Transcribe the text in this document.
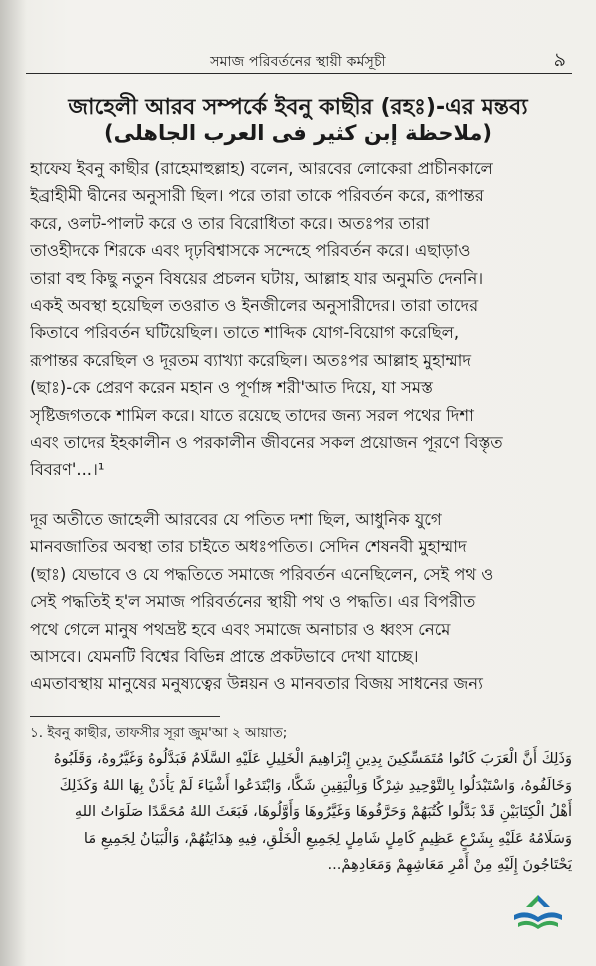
সমাজ পরিবর্তনের স্থায়ী কর্মসূচী	৯
জাহেলী আরব সম্পর্কে ইবনু কাছীর (রহঃ)-এর মন্তব্য
(ملاحظة إبن كثير فى العرب الجاهلى)
হাফেয ইবনু কাছীর (রাহেমাহুল্লাহ) বলেন, আরবের লোকেরা প্রাচীনকালে
ইব্রাহীমী দ্বীনের অনুসারী ছিল। পরে তারা তাকে পরিবর্তন করে, রূপান্তর
করে, ওলট-পালট করে ও তার বিরোধিতা করে। অতঃপর তারা
তাওহীদকে শিরকে এবং দৃঢ়বিশ্বাসকে সন্দেহে পরিবর্তন করে। এছাড়াও
তারা বহু কিছু নতুন বিষয়ের প্রচলন ঘটায়, আল্লাহ যার অনুমতি দেননি।
একই অবস্থা হয়েছিল তওরাত ও ইনজীলের অনুসারীদের। তারা তাদের
কিতাবে পরিবর্তন ঘটিয়েছিল। তাতে শাব্দিক যোগ-বিয়োগ করেছিল,
রূপান্তর করেছিল ও দূরতম ব্যাখ্যা করেছিল। অতঃপর আল্লাহ মুহাম্মাদ
(ছাঃ)-কে প্রেরণ করেন মহান ও পূর্ণাঙ্গ শরী'আত দিয়ে, যা সমস্ত
সৃষ্টিজগতকে শামিল করে। যাতে রয়েছে তাদের জন্য সরল পথের দিশা
এবং তাদের ইহকালীন ও পরকালীন জীবনের সকল প্রয়োজন পূরণে বিস্তৃত
বিবরণ'...।¹
দূর অতীতে জাহেলী আরবের যে পতিত দশা ছিল, আধুনিক যুগে
মানবজাতির অবস্থা তার চাইতে অধঃপতিত। সেদিন শেষনবী মুহাম্মাদ
(ছাঃ) যেভাবে ও যে পদ্ধতিতে সমাজে পরিবর্তন এনেছিলেন, সেই পথ ও
সেই পদ্ধতিই হ'ল সমাজ পরিবর্তনের স্থায়ী পথ ও পদ্ধতি। এর বিপরীত
পথে গেলে মানুষ পথভ্রষ্ট হবে এবং সমাজে অনাচার ও ধ্বংস নেমে
আসবে। যেমনটি বিশ্বের বিভিন্ন প্রান্তে প্রকটভাবে দেখা যাচ্ছে।
এমতাবস্থায় মানুষের মনুষ্যত্বের উন্নয়ন ও মানবতার বিজয় সাধনের জন্য
১. ইবনু কাছীর, তাফসীর সূরা জুম'আ ২ আয়াত;
وَذَلِكَ أَنَّ الْعَرَبَ كَانُوا مُتَمَسِّكِينَ بِدِينِ إِبْرَاهِيمَ الْخَلِيلِ عَلَيْهِ السَّلَامُ فَبَدَّلُوهُ وَغَيَّرُوهُ، وَقَلَبُوهُ
وَخَالَفُوهُ، وَاسْتَبْدَلُوا بِالتَّوْحِيدِ شِرْكًا وَبِالْيَقِينِ شَكًّا، وَابْتَدَعُوا أَشْيَاءَ لَمْ يَأْذَنْ بِهَا اللهُ وَكَذَلِكَ
أَهْلُ الْكِتَابَيْنِ قَدْ بَدَّلُوا كُتُبَهُمْ وَحَرَّفُوهَا وَغَيَّرُوهَا وَأَوَّلُوهَا، فَبَعَثَ اللهُ مُحَمَّدًا صَلَوَاتُ اللهِ
وَسَلَامُهُ عَلَيْهِ بِشَرْعٍ عَظِيمٍ كَامِلٍ شَامِلٍ لِجَمِيعِ الْخَلْقِ، فِيهِ هِدَايَتُهُمْ، وَالْبَيَانُ لِجَمِيعِ مَا
يَحْتَاجُونَ إِلَيْهِ مِنْ أَمْرِ مَعَاشِهِمْ وَمَعَادِهِمْ...
